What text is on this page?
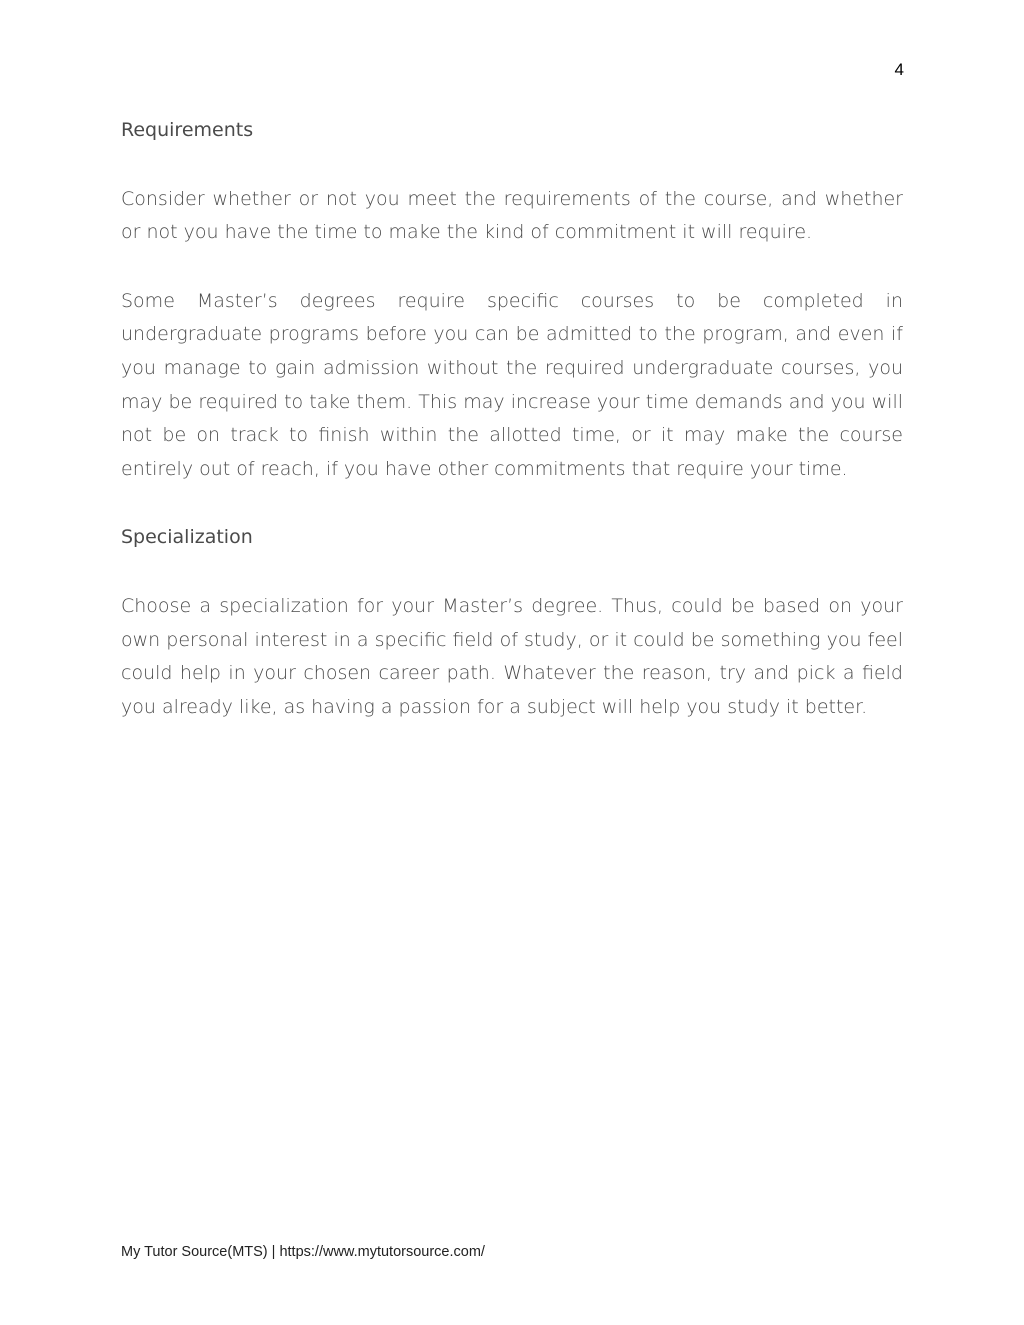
4
Requirements

Consider whether or not you meet the requirements of the course, and whether or not you have the time to make the kind of commitment it will require.

Some Master’s degrees require specific courses to be completed in undergraduate programs before you can be admitted to the program, and even if you manage to gain admission without the required undergraduate courses, you may be required to take them. This may increase your time demands and you will not be on track to finish within the allotted time, or it may make the course entirely out of reach, if you have other commitments that require your time.

Specialization

Choose a specialization for your Master’s degree. Thus, could be based on your own personal interest in a specific field of study, or it could be something you feel could help in your chosen career path. Whatever the reason, try and pick a field you already like, as having a passion for a subject will help you study it better.

My Tutor Source(MTS) | https://www.mytutorsource.com/
